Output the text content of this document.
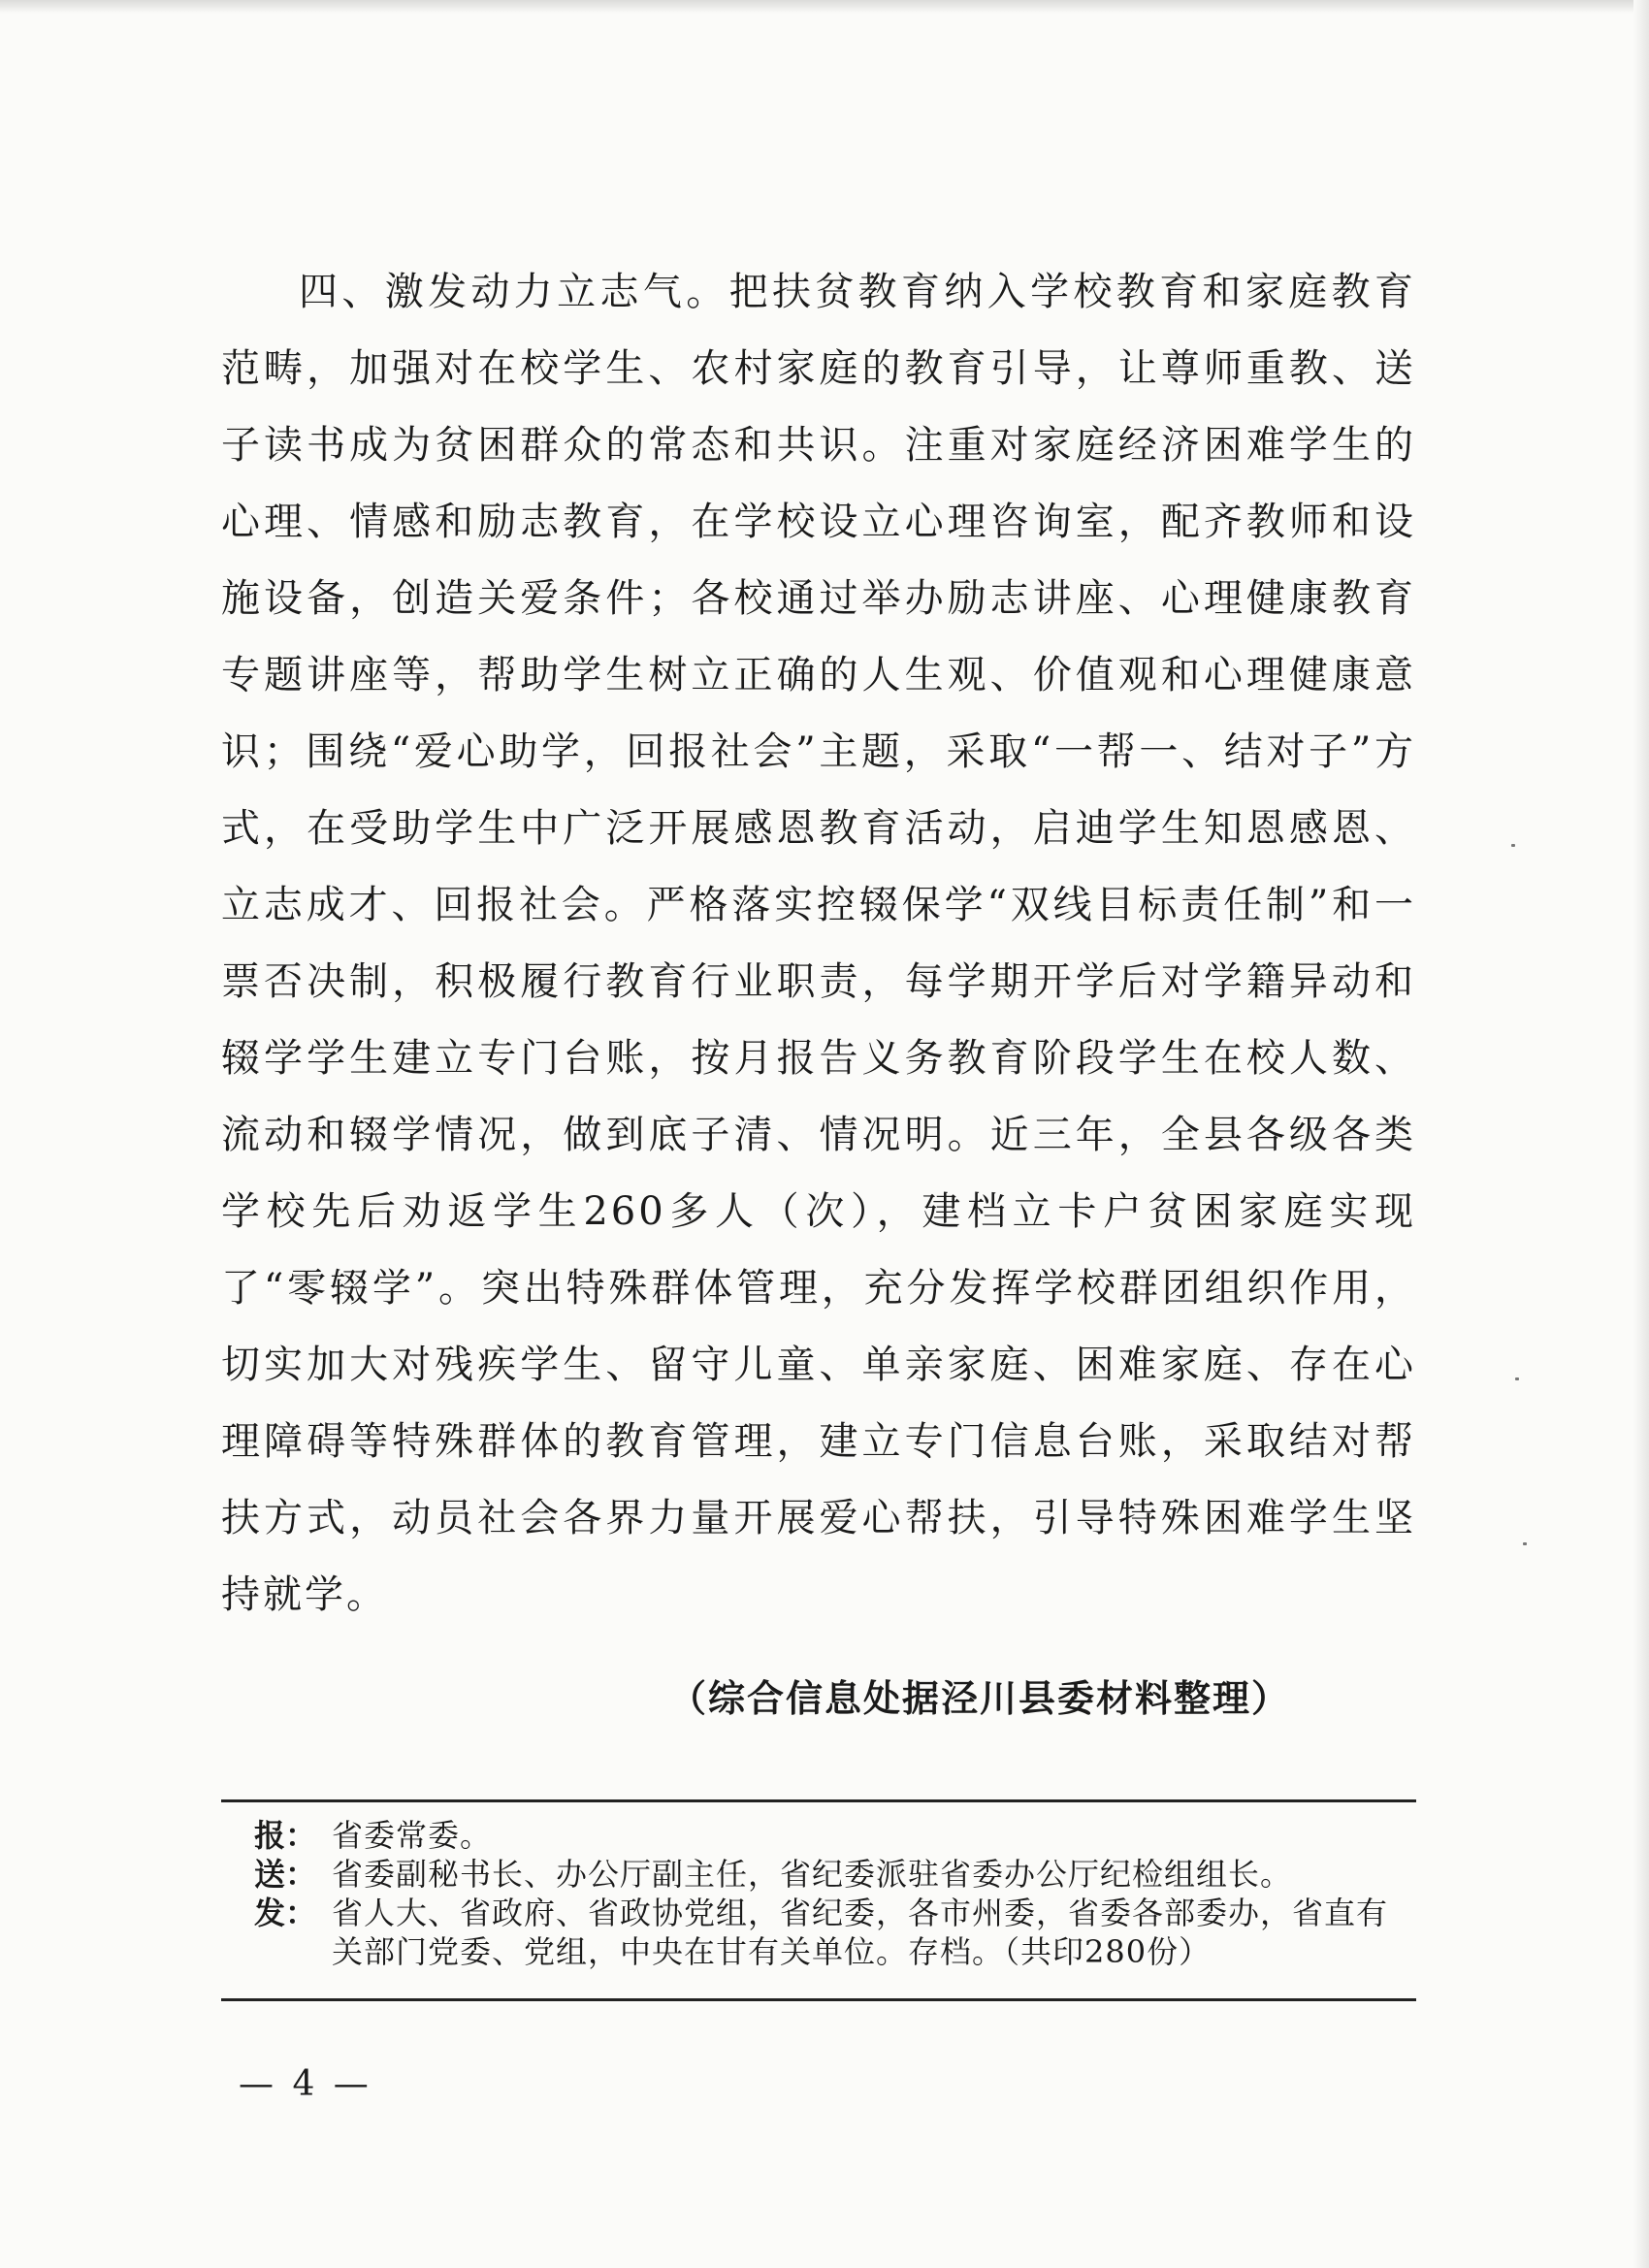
四、激发动力立志气。把扶贫教育纳入学校教育和家庭教育范畴，加强对在校学生、农村家庭的教育引导，让尊师重教、送子读书成为贫困群众的常态和共识。注重对家庭经济困难学生的心理、情感和励志教育，在学校设立心理咨询室，配齐教师和设施设备，创造关爱条件；各校通过举办励志讲座、心理健康教育专题讲座等，帮助学生树立正确的人生观、价值观和心理健康意识；围绕“爱心助学，回报社会”主题，采取“一帮一、结对子”方式，在受助学生中广泛开展感恩教育活动，启迪学生知恩感恩、立志成才、回报社会。严格落实控辍保学“双线目标责任制”和一票否决制，积极履行教育行业职责，每学期开学后对学籍异动和辍学学生建立专门台账，按月报告义务教育阶段学生在校人数、流动和辍学情况，做到底子清、情况明。近三年，全县各级各类学校先后劝返学生260多人（次），建档立卡户贫困家庭实现了“零辍学”。突出特殊群体管理，充分发挥学校群团组织作用，切实加大对残疾学生、留守儿童、单亲家庭、困难家庭、存在心理障碍等特殊群体的教育管理，建立专门信息台账，采取结对帮扶方式，动员社会各界力量开展爱心帮扶，引导特殊困难学生坚持就学。

（综合信息处据泾川县委材料整理）
报： 省委常委。
送： 省委副秘书长、办公厅副主任，省纪委派驻省委办公厅纪检组组长。
发： 省人大、省政府、省政协党组，省纪委，各市州委，省委各部委办，省直有关部门党委、党组，中央在甘有关单位。存档。（共印280份）
— 4 —
